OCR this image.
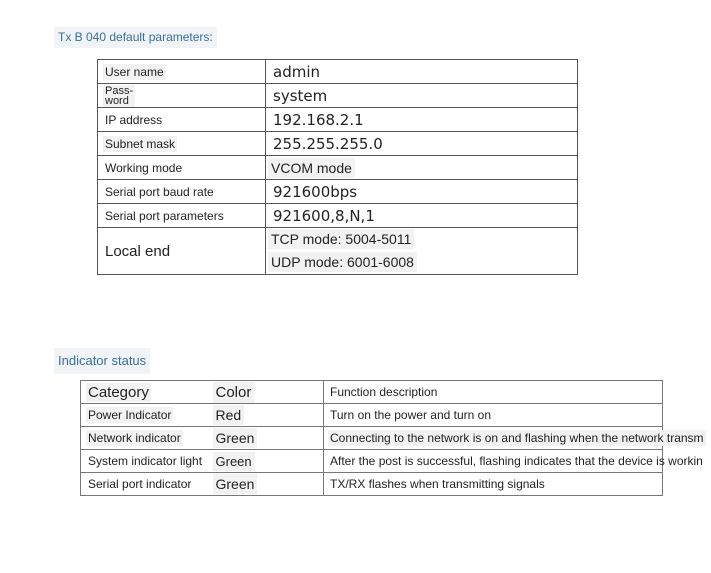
Tx B 040 default parameters:
User name	admin
Pass-
word	system
IP address	192.168.2.1
Subnet mask	255.255.255.0
Working mode	VCOM mode
Serial port baud rate	921600bps
Serial port parameters	921600,8,N,1
Local end	TCP mode: 5004-5011
UDP mode: 6001-6008
Indicator status
Category	Color	Function description
Power Indicator	Red	Turn on the power and turn on
Network indicator	Green	Connecting to the network is on and flashing when the network transm
System indicator light	Green	After the post is successful, flashing indicates that the device is workin
Serial port indicator	Green	TX/RX flashes when transmitting signals
